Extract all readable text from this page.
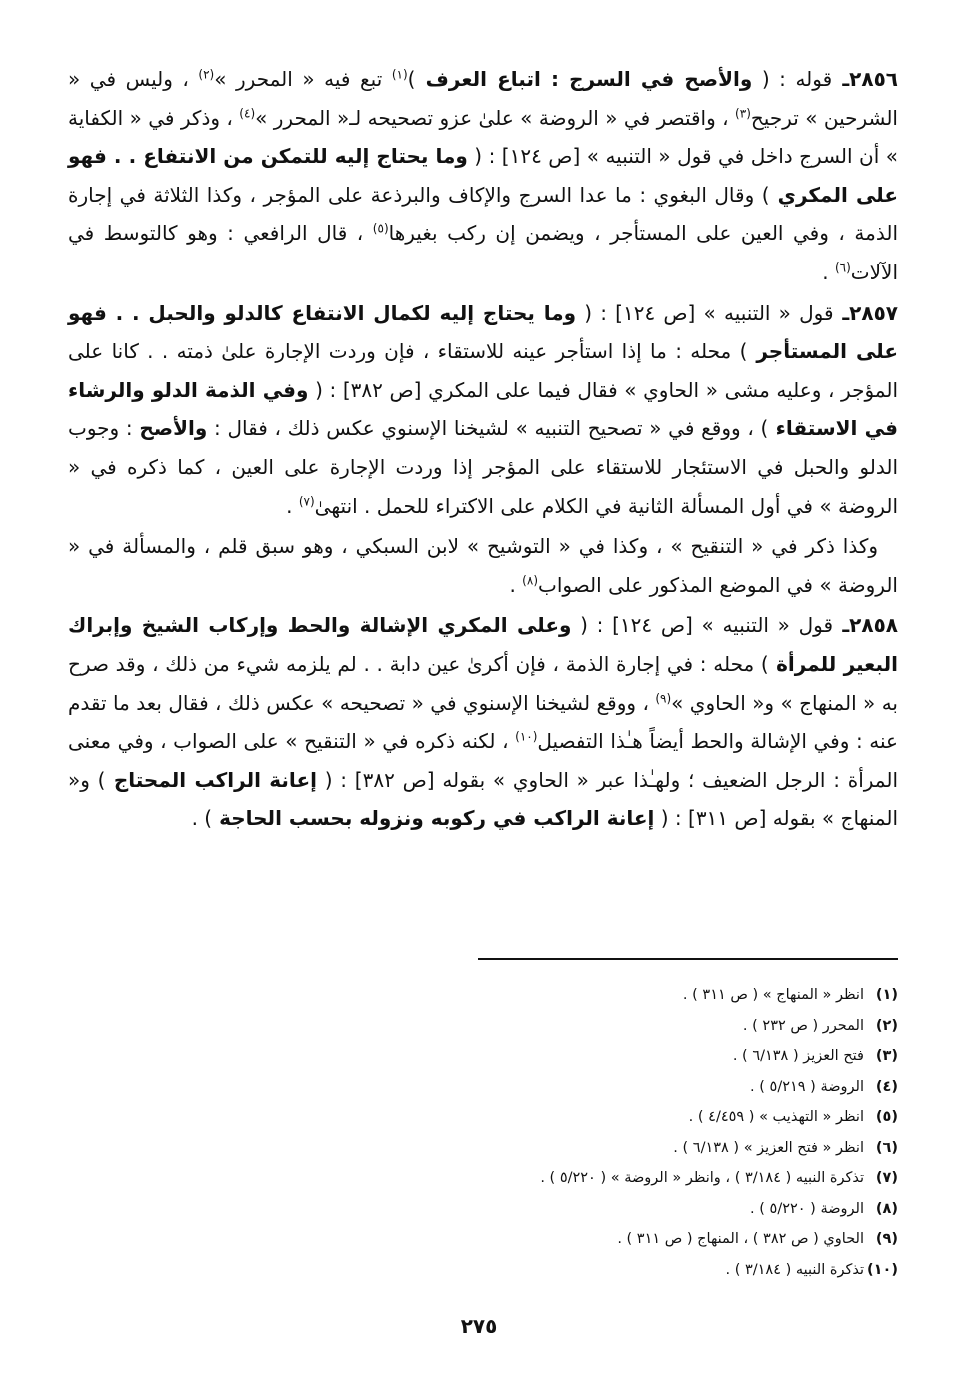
٢٨٥٦ـ قوله : ( والأصح في السرج : اتباع العرف )$^{(١)}$ تبع فيه « المحرر »$^{(٢)}$ ، وليس في « الشرحين » ترجيح$^{(٣)}$ ، واقتصر في « الروضة » علىٰ عزو تصحيحه لـ« المحرر »$^{(٤)}$ ، وذكر في « الكفاية » أن السرج داخل في قول « التنبيه » [ص ١٢٤] : ( وما يحتاج إليه للتمكن من الانتفاع . . فهو على المكري ) وقال البغوي : ما عدا السرج والإكاف والبرذعة على المؤجر ، وكذا الثلاثة في إجارة الذمة ، وفي العين على المستأجر ، ويضمن إن ركب بغيرها$^{(٥)}$ ، قال الرافعي : وهو كالتوسط في الآلات$^{(٦)}$ .

٢٨٥٧ـ قول « التنبيه » [ص ١٢٤] : ( وما يحتاج إليه لكمال الانتفاع كالدلو والحبل . . فهو على المستأجر ) محله : ما إذا استأجر عينه للاستقاء ، فإن وردت الإجارة علىٰ ذمته . . كانا على المؤجر ، وعليه مشى « الحاوي » فقال فيما على المكري [ص ٣٨٢] : ( وفي الذمة الدلو والرشاء في الاستقاء ) ، ووقع في « تصحيح التنبيه » لشيخنا الإسنوي عكس ذلك ، فقال : والأصح : وجوب الدلو والحبل في الاستئجار للاستقاء على المؤجر إذا وردت الإجارة على العين ، كما ذكره في « الروضة » في أول المسألة الثانية في الكلام على الاكتراء للحمل . انتهىٰ$^{(٧)}$ .

وكذا ذكر في « التنقيح » ، وكذا في « التوشيح » لابن السبكي ، وهو سبق قلم ، والمسألة في « الروضة » في الموضع المذكور على الصواب$^{(٨)}$ .

٢٨٥٨ـ قول « التنبيه » [ص ١٢٤] : ( وعلى المكري الإشالة والحط وإركاب الشيخ وإبراك البعير للمرأة ) محله : في إجارة الذمة ، فإن أكرىٰ عين دابة . . لم يلزمه شيء من ذلك ، وقد صرح به « المنهاج » و« الحاوي »$^{(٩)}$ ، ووقع لشيخنا الإسنوي في « تصحيحه » عكس ذلك ، فقال بعد ما تقدم عنه : وفي الإشالة والحط أيضاً هـٰذا التفصيل$^{(١٠)}$ ، لكنه ذكره في « التنقيح » على الصواب ، وفي معنى المرأة : الرجل الضعيف ؛ ولهـٰذا عبر « الحاوي » بقوله [ص ٣٨٢] : ( إعانة الراكب المحتاج ) و« المنهاج » بقوله [ص ٣١١] : ( إعانة الراكب في ركوبه ونزوله بحسب الحاجة ) .

(١)انظر « المنهاج » ( ص ٣١١ ) .
(٢)المحرر ( ص ٢٣٢ ) .
(٣)فتح العزيز ( ٦/١٣٨ ) .
(٤)الروضة ( ٥/٢١٩ ) .
(٥)انظر « التهذيب » ( ٤/٤٥٩ ) .
(٦)انظر « فتح العزيز » ( ٦/١٣٨ ) .
(٧)تذكرة النبيه ( ٣/١٨٤ ) ، وانظر « الروضة » ( ٥/٢٢٠ ) .
(٨)الروضة ( ٥/٢٢٠ ) .
(٩)الحاوي ( ص ٣٨٢ ) ، المنهاج ( ص ٣١١ ) .
(١٠)تذكرة النبيه ( ٣/١٨٤ ) .
٢٧٥
